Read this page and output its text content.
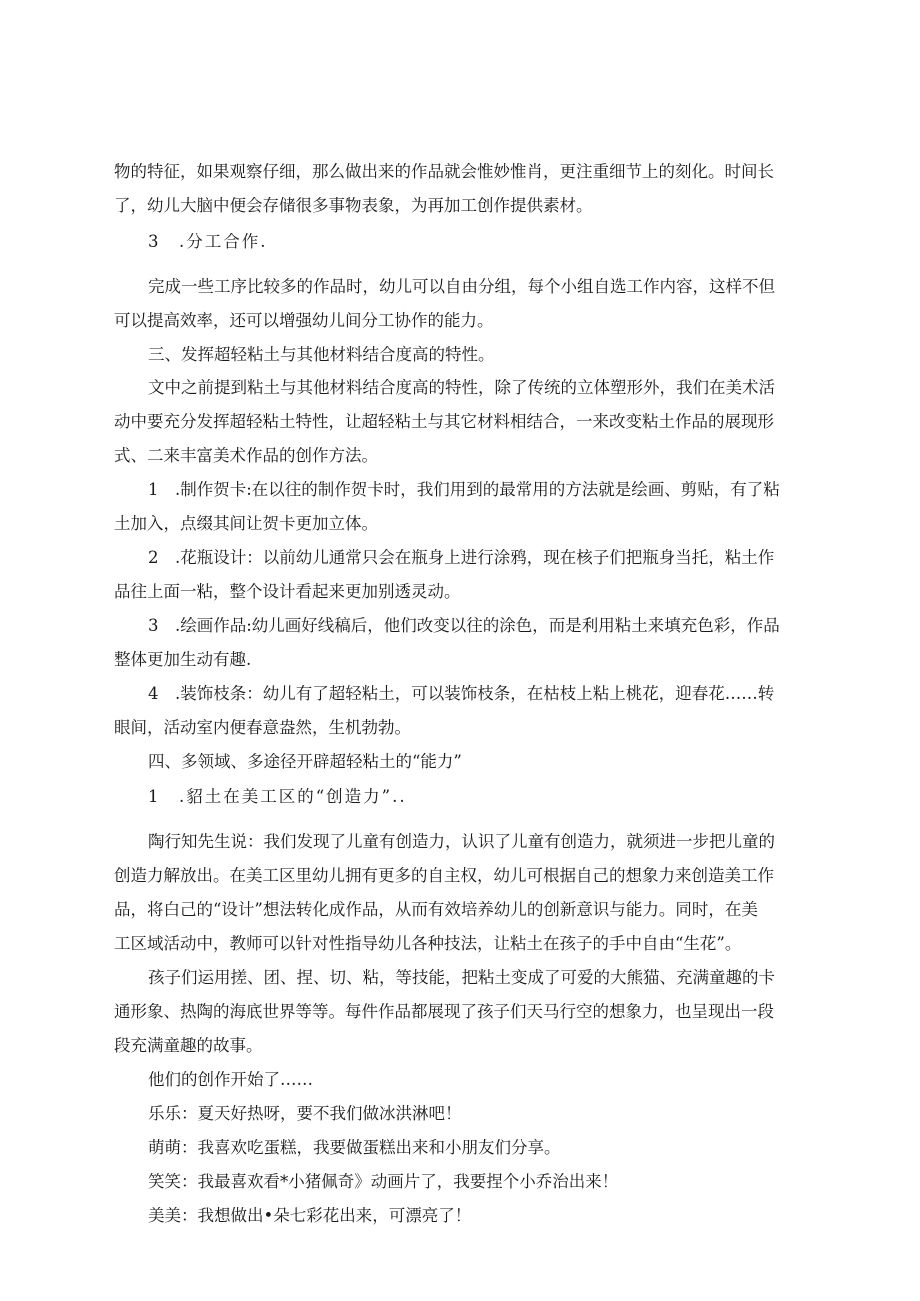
物的特征，如果观察仔细，那么做出来的作品就会惟妙惟肖，更注重细节上的刻化。时间长
了，幼儿大脑中便会存储很多事物表象，为再加工创作提供素材。
3　.分工合作.
完成一些工序比较多的作品时，幼儿可以自由分组，每个小组自选工作内容，这样不但
可以提高效率，还可以增强幼儿间分工协作的能力。
三、发挥超轻粘土与其他材料结合度高的特性。
文中之前提到粘土与其他材料结合度高的特性，除了传统的立体塑形外，我们在美术活
动中要充分发挥超轻粘土特性，让超轻粘土与其它材料相结合，一来改变粘土作品的展现形
式、二来丰富美术作品的创作方法。
1　.制作贺卡:在以往的制作贺卡时，我们用到的最常用的方法就是绘画、剪贴，有了粘
土加入，点缀其间让贺卡更加立体。
2　.花瓶设计：以前幼儿通常只会在瓶身上进行涂鸦，现在核子们把瓶身当托，粘土作
品往上面一粘，整个设计看起来更加别透灵动。
3　.绘画作品:幼儿画好线稿后，他们改变以往的涂色，而是利用粘土来填充色彩，作品
整体更加生动有趣.
4　.装饰枝条：幼儿有了超轻粘土，可以装饰枝条，在枯枝上粘上桃花，迎春花……转
眼间，活动室内便春意盎然，生机勃勃。
四、多领域、多途径开辟超轻粘土的“能力”
1　.貂土在美工区的“创造力”..
陶行知先生说：我们发现了儿童有创造力，认识了儿童有创造力，就须进一步把儿童的
创造力解放出。在美工区里幼儿拥有更多的自主权，幼儿可根据自己的想象力来创造美工作
品，将白己的“设计”想法转化成作品，从而有效培养幼儿的创新意识与能力。同时，在美
工区域活动中，教师可以针对性指导幼儿各种技法，让粘土在孩子的手中自由“生花”。
孩子们运用搓、团、捏、切、粘，等技能，把粘土变成了可爱的大熊猫、充满童趣的卡
通形象、热陶的海底世界等等。每件作品都展现了孩子们天马行空的想象力，也呈现出一段
段充满童趣的故事。
他们的创作开始了……
乐乐：夏天好热呀，要不我们做冰洪淋吧！
萌萌：我喜欢吃蛋糕，我要做蛋糕出来和小朋友们分享。
笑笑：我最喜欢看*小猪佩奇》动画片了，我要捏个小乔治出来！
美美：我想做出•朵七彩花出来，可漂亮了！
